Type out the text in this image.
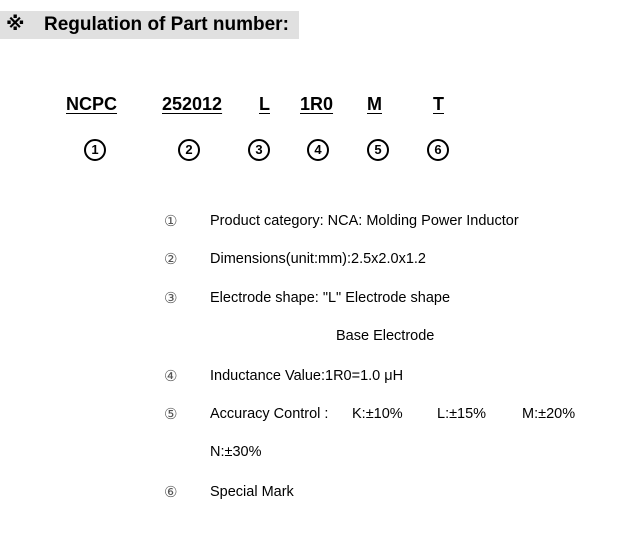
※ Regulation of Part number:
NCPC 252012 L 1R0 M	T
1	2	3	4	5	6
①	Product category: NCA: Molding Power Inductor
②	Dimensions(unit:mm):2.5x2.0x1.2
③	Electrode shape: "L" Electrode shape
Base Electrode
④	Inductance Value:1R0=1.0 μH
⑤	Accuracy Control : K:±10% L:±15% M:±20%
N:±30%
⑥	Special Mark
